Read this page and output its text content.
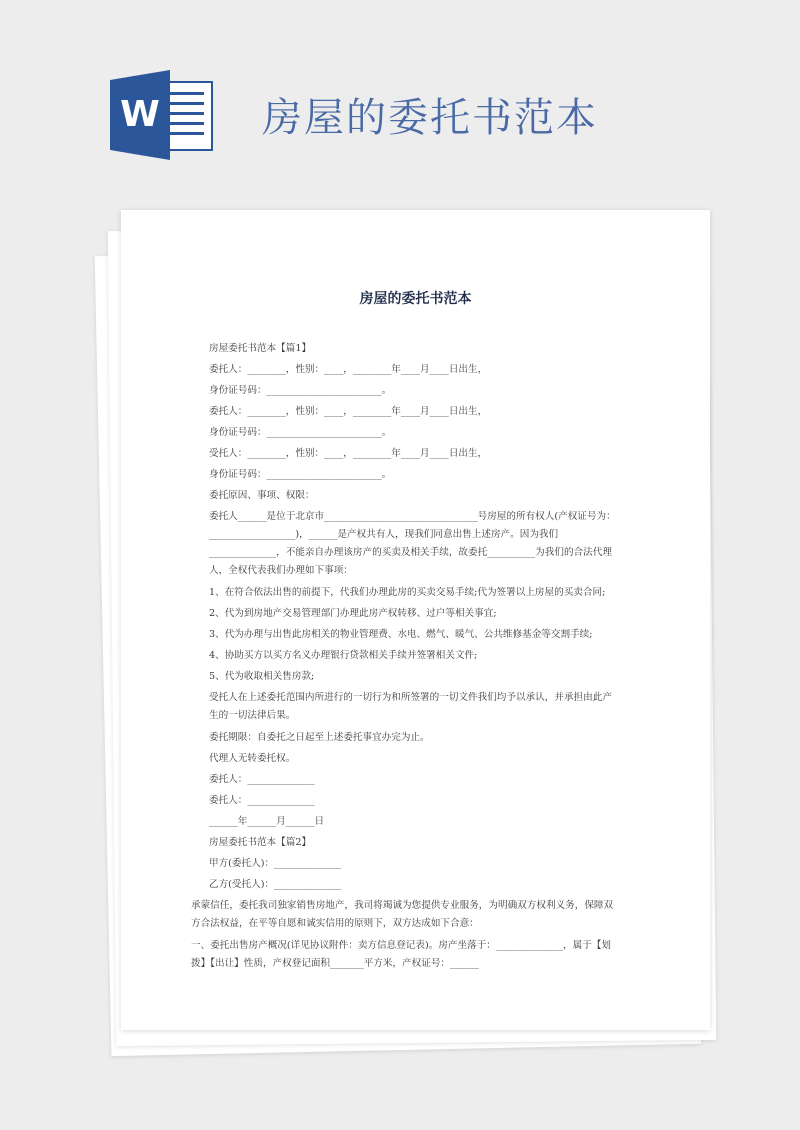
W	房屋的委托书范本
房屋的委托书范本
房屋委托书范本【篇1】
委托人：________，性别：____，________年____月____日出生，
身份证号码：________________________。
委托人：________，性别：____，________年____月____日出生，
身份证号码：________________________。
受托人：________，性别：____，________年____月____日出生，
身份证号码：________________________。
委托原因、事项、权限：
委托人______是位于北京市________________________________号房屋的所有权人(产权证号为：__________________)，______是产权共有人，现我们同意出售上述房产。因为我们______________，不能亲自办理该房产的买卖及相关手续，故委托__________为我们的合法代理人，全权代表我们办理如下事项：
1、在符合依法出售的前提下，代我们办理此房的买卖交易手续;代为签署以上房屋的买卖合同;
2、代为到房地产交易管理部门办理此房产权转移、过户等相关事宜;
3、代为办理与出售此房相关的物业管理费、水电、燃气、暖气、公共维修基金等交割手续;
4、协助买方以买方名义办理银行贷款相关手续并签署相关文件;
5、代为收取相关售房款;
受托人在上述委托范围内所进行的一切行为和所签署的一切文件我们均予以承认，并承担由此产生的一切法律后果。
委托期限：自委托之日起至上述委托事宜办完为止。
代理人无转委托权。
委托人：______________
委托人：______________
______年______月______日
房屋委托书范本【篇2】
甲方(委托人)：______________
乙方(受托人)：______________
承蒙信任，委托我司独家销售房地产，我司将竭诚为您提供专业服务，为明确双方权利义务，保障双方合法权益，在平等自愿和诚实信用的原则下，双方达成如下合意：
一、委托出售房产概况(详见协议附件：卖方信息登记表)。房产坐落于：______________，属于【划拨】【出让】性质，产权登记面积_______平方米，产权证号：______
